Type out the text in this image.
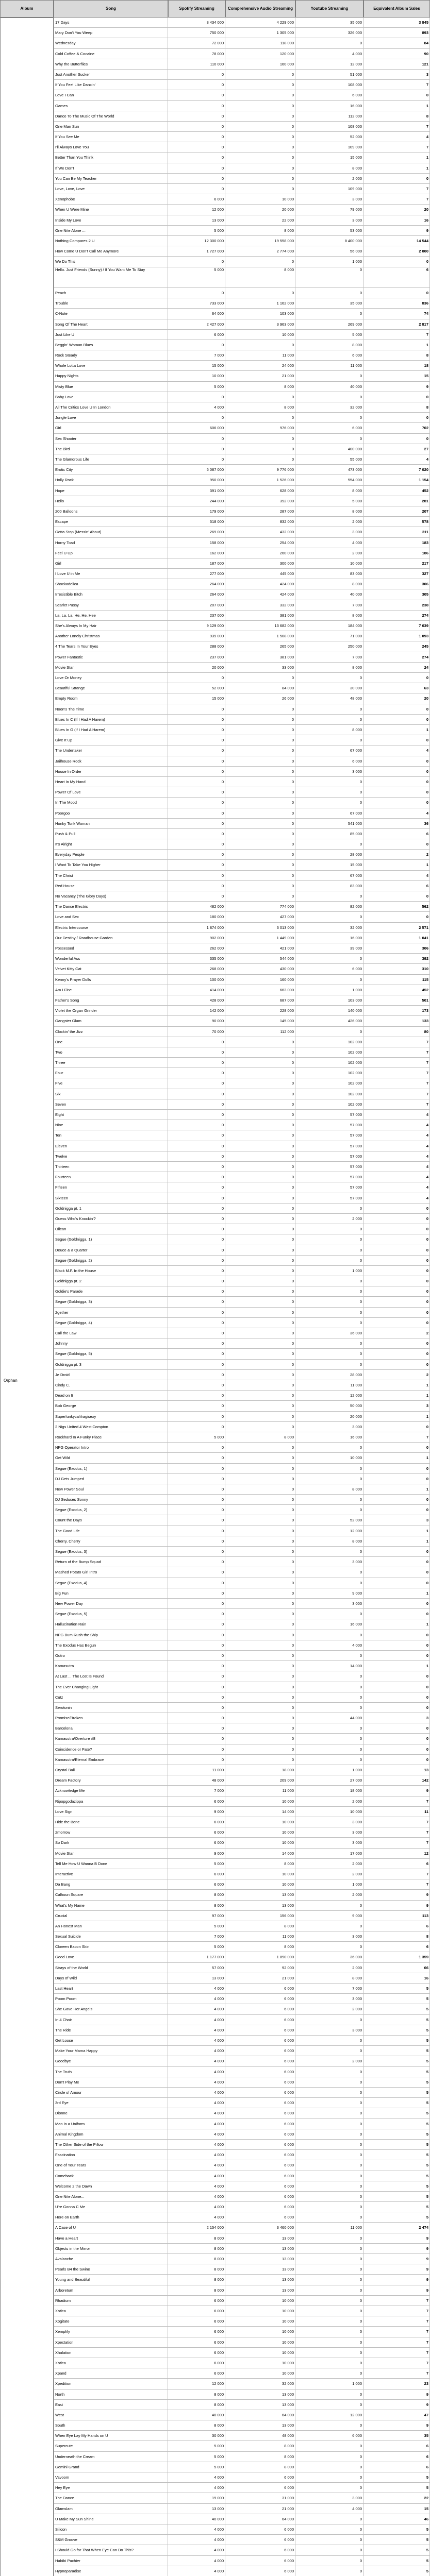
Album	Song	Spotify Streaming	Comprehensive Audio Streaming	Youtube Streaming	Equivalent Album Sales
Orphan
17 Days	3 434 000	4 229 000	35 000	3 845
Mary Don't You Weep	750 000	1 305 000	326 000	893
Wednesday	72 000	118 000	0	84
Cold Coffee & Cocaine	78 000	120 000	4 000	90
Why the Butterflies	110 000	160 000	12 000	121
Just Another Sucker	0	0	51 000	3
If You Feel Like Dancin'	0	0	108 000	7
Love I Can	0	0	6 000	0
Games	0	0	16 000	1
Dance To The Music Of The World	0	0	112 000	8
One Man Sun	0	0	108 000	7
If You See Me	0	0	52 000	4
I'll Always Love You	0	0	109 000	7
Better Than You Think	0	0	15 000	1
If We Don't	0	0	8 000	1
You Can Be My Teacher	0	0	2 000	0
Love, Love, Love	0	0	109 000	7
Xenophobe	6 000	10 000	3 000	7
When U Were Mine	12 000	20 000	79 000	20
Inside My Love	13 000	22 000	3 000	16
One Nite Alone ...	5 000	8 000	53 000	9
Nothing Compares 2 U	12 300 000	19 558 000	8 400 000	14 544
How Come U Don't Call Me Anymore	1 727 000	2 774 000	56 000	2 000
We Do This	0	0	1 000	0
Hello. Just Friends (Sunny) / If You Want Me To Stay	5 000	8 000	0	6
Peach	0	0	0	0
Trouble	733 000	1 162 000	35 000	836
C-Note	64 000	103 000	0	74
Song Of The Heart	2 427 000	3 963 000	269 000	2 817
Just Like U	6 000	10 000	5 000	7
Beggin' Woman Blues	0	0	8 000	1
Rock Steady	7 000	11 000	6 000	8
Whole Lotta Love	15 000	24 000	11 000	18
Happy Nights	10 000	21 000	0	15
Misty Blue	5 000	8 000	40 000	9
Baby Love	0	0	0	0
All The Critics Love U In London	4 000	8 000	32 000	8
Jungle Love	0	0	0	0
Girl	606 000	976 000	6 000	702
Sex Shooter	0	0	0	0
The Bird	0	0	400 000	27
The Glamorous Life	0	0	55 000	4
Erotic City	6 087 000	9 776 000	473 000	7 020
Holly Rock	950 000	1 526 000	554 000	1 154
Hope	391 000	628 000	8 000	452
Hello	244 000	392 000	5 000	281
200 Balloons	179 000	287 000	8 000	207
Escape	518 000	832 000	2 000	578
Gotta Stop (Messin' About)	269 000	432 000	3 000	311
Horny Toad	158 000	254 000	4 000	183
Feel U Up	162 000	260 000	2 000	186
Girl	187 000	300 000	10 000	217
I Love U in Me	277 000	445 000	83 000	327
Shockadelica	264 000	424 000	8 000	306
Irresistible Bitch	264 000	424 000	40 000	305
Scarlet Pussy	207 000	332 000	7 000	238
La, La, La, He, He, Hee	237 000	381 000	8 000	274
She's Always In My Hair	9 129 000	13 682 000	184 000	7 639
Another Lonely Christmas	939 000	1 508 000	71 000	1 093
4 The Tears In Your Eyes	288 000	265 000	250 000	245
Power Fantastic	237 000	381 000	7 000	274
Movie Star	20 000	33 000	8 000	24
Love Or Money	0	0	0	0
Beautiful Strange	52 000	84 000	30 000	63
Empty Room	15 000	26 000	48 000	20
Noon's The Time	0	0	0	0
Blues In C (If I Had A Harem)	0	0	0	0
Blues In G (If I Had A Harem)	0	0	8 000	1
Give It Up	0	0	0	0
The Undertaker	0	0	67 000	4
Jailhouse Rock	0	0	6 000	0
House In Order	0	0	3 000	0
Heart In My Hand	0	0	0	0
Power Of Love	0	0	0	0
In The Mood	0	0	0	0
Poorgoo	0	0	67 000	4
Honky Tonk Woman	0	0	541 000	36
Push & Pull	0	0	85 000	6
It's Alright	0	0	0	0
Everyday People	0	0	28 000	2
I Want To Take You Higher	0	0	15 000	1
The Christ	0	0	67 000	4
Red House	0	0	83 000	6
No Vacancy (The Glory Days)	0	0	0	0
The Dance Electric	482 000	774 000	82 000	562
Love and Sex	180 000	427 000	0	0
Electric Intercourse	1 874 000	3 013 000	32 000	2 571
Our Destiny / Roadhouse Garden	902 000	1 449 000	16 000	1 041
Possessed	262 000	421 000	39 000	306
Wonderful Ass	335 000	544 000	0	392
Velvet Kitty Cat	268 000	430 000	6 000	310
Kenny's Prayer Dolls	100 000	160 000	0	115
Am I Fine	414 000	663 000	1 000	452
Father's Song	428 000	687 000	103 000	501
Violet the Organ Grinder	142 000	228 000	140 000	173
Gangster Glam	90 000	145 000	426 000	133
Clockin' the Jizz	70 000	112 000	0	80
One	0	0	102 000	7
Two	0	0	102 000	7
Three	0	0	102 000	7
Four	0	0	102 000	7
Five	0	0	102 000	7
Six	0	0	102 000	7
Seven	0	0	102 000	7
Eight	0	0	57 000	4
Nine	0	0	57 000	4
Ten	0	0	57 000	4
Eleven	0	0	57 000	4
Twelve	0	0	57 000	4
Thirteen	0	0	57 000	4
Fourteen	0	0	57 000	4
Fifteen	0	0	57 000	4
Sixteen	0	0	57 000	4
Goldnigga pt. 1	0	0	0	0
Guess Who's Knockin'?	0	0	2 000	0
Oilcan	0	0	0	0
Segue (Goldnigga, 1)	0	0	0	0
Deuce & a Quarter	0	0	0	0
Segue (Goldnigga, 2)	0	0	0	0
Black M.F. In the House	0	0	1 000	0
Goldnigga pt. 2	0	0	0	0
Goldie's Parade	0	0	0	0
Segue (Goldnigga, 3)	0	0	0	0
2gether	0	0	0	0
Segue (Goldnigga, 4)	0	0	0	0
Call the Law	0	0	36 000	2
Johnny	0	0	0	0
Segue (Goldnigga, 5)	0	0	0	0
Goldnigga pt. 3	0	0	0	0
Je Droid	0	0	28 000	2
Cindy C.	0	0	11 000	1
Dead on It	0	0	12 000	1
Bob George	0	0	50 000	3
Superfunkycalifragisexy	0	0	20 000	1
2 Nigs United 4 West Compton	0	0	3 000	0
Rockhard In A Funky Place	5 000	8 000	16 000	7
NPG Operator Intro	0	0	0	0
Get Wild	0	0	10 000	1
Segue (Exodus, 1)	0	0	0	0
DJ Gets Jumped	0	0	0	0
New Power Soul	0	0	8 000	1
DJ Seduces Sonny	0	0	0	0
Segue (Exodus, 2)	0	0	0	0
Count the Days	0	0	52 000	3
The Good Life	0	0	12 000	1
Cherry, Cherry	0	0	8 000	1
Segue (Exodus, 3)	0	0	0	0
Return of the Bump Squad	0	0	3 000	0
Mashed Potato Girl Intro	0	0	0	0
Segue (Exodus, 4)	0	0	0	0
Big Fun	0	0	9 000	1
New Power Day	0	0	3 000	0
Segue (Exodus, 5)	0	0	0	0
Hallucination Rain	0	0	16 000	1
NPG Bum Rush the Ship	0	0	0	0
The Exodus Has Begun	0	0	4 000	0
Outro	0	0	0	0
Kamasutra	0	0	14 000	1
At Last ... The Lost Is Found	0	0	0	0
The Ever Changing Light	0	0	0	0
Cutz	0	0	0	0
Serotonin	0	0	0	0
Promise/Broken	0	0	44 000	3
Barcelona	0	0	0	0
Kamasutra/Overture #8	0	0	0	0
Coincidence or Fate?	0	0	0	0
Kamasutra/Eternal Embrace	0	0	0	0
Crystal Ball	11 000	18 000	1 000	13
Dream Factory	48 000	209 000	27 000	142
Acknowledge Me	7 000	11 000	18 000	9
Ripopgodazippa	6 000	10 000	2 000	7
Love Sign	9 000	14 000	10 000	11
Hide the Bone	6 000	10 000	3 000	7
2morrow	6 000	10 000	3 000	7
So Dark	6 000	10 000	3 000	7
Movie Star	9 000	14 000	17 000	12
Tell Me How U Wanna B Done	5 000	8 000	2 000	6
Interactive	6 000	10 000	2 000	7
Da Bang	6 000	10 000	1 000	7
Calhoun Square	8 000	13 000	2 000	9
What's My Name	8 000	13 000	0	9
Crucial	97 000	156 000	9 000	113
An Honest Man	5 000	8 000	0	6
Sexual Suicide	7 000	11 000	3 000	8
Cloreen Bacon Skin	5 000	8 000	0	6
Good Love	1 177 000	1 890 000	36 000	1 359
Strays of the World	57 000	92 000	2 000	66
Days of Wild	13 000	21 000	8 000	16
Last Heart	4 000	6 000	7 000	5
Poom Poom	4 000	6 000	3 000	5
She Gave Her Angels	4 000	6 000	2 000	5
In 4 Choir	4 000	6 000	0	5
The Ride	4 000	6 000	3 000	5
Get Loose	4 000	6 000	0	5
Make Your Mama Happy	4 000	6 000	0	5
Goodbye	4 000	6 000	2 000	5
The Truth	4 000	6 000	0	5
Don't Play Me	4 000	6 000	0	5
Circle of Amour	4 000	6 000	0	5
3rd Eye	4 000	6 000	0	5
Dionne	4 000	6 000	0	5
Man in a Uniform	4 000	6 000	0	5
Animal Kingdom	4 000	6 000	0	5
The Other Side of the Pillow	4 000	6 000	0	5
Fascination	4 000	6 000	0	5
One of Your Tears	4 000	6 000	0	5
Comeback	4 000	6 000	0	5
Welcome 2 the Dawn	4 000	6 000	0	5
One Nite Alone...	4 000	6 000	0	5
U're Gonna C Me	4 000	6 000	0	5
Here on Earth	4 000	6 000	0	5
A Case of U	2 154 000	3 460 000	11 000	2 474
Have a Heart	8 000	13 000	0	9
Objects in the Mirror	8 000	13 000	0	9
Avalanche	8 000	13 000	0	9
Pearls B4 the Swine	8 000	13 000	0	9
Young and Beautiful	8 000	13 000	0	9
Arboretum	8 000	13 000	0	9
Rhadium	6 000	10 000	0	7
Xotica	6 000	10 000	0	7
Xogitate	6 000	10 000	0	7
Xemplify	6 000	10 000	0	7
Xpectation	6 000	10 000	0	7
Xhalation	6 000	10 000	0	7
Xotica	6 000	10 000	0	7
Xpand	6 000	10 000	0	7
Xpedition	12 000	32 000	1 000	23
North	8 000	13 000	0	9
East	8 000	13 000	0	9
West	40 000	64 000	12 000	47
South	8 000	13 000	0	9
When Eye Lay My Hands on U	30 000	48 000	6 000	35
Supercute	5 000	8 000	0	6
Underneath the Cream	5 000	8 000	0	6
Gemini Grand	5 000	8 000	0	6
Vavoom	4 000	6 000	0	5
Hey Eye	4 000	6 000	0	5
The Dance	19 000	31 000	3 000	22
Glamslam	13 000	21 000	4 000	15
U Make My Sun Shine	40 000	64 000	0	46
Silicon	4 000	6 000	0	5
S&M Groove	4 000	6 000	0	5
I Should Go for That When Eye Can Do This?	4 000	6 000	0	5
Habibi Pachier	4 000	6 000	0	5
Hypnoparadise	4 000	6 000	0	5
